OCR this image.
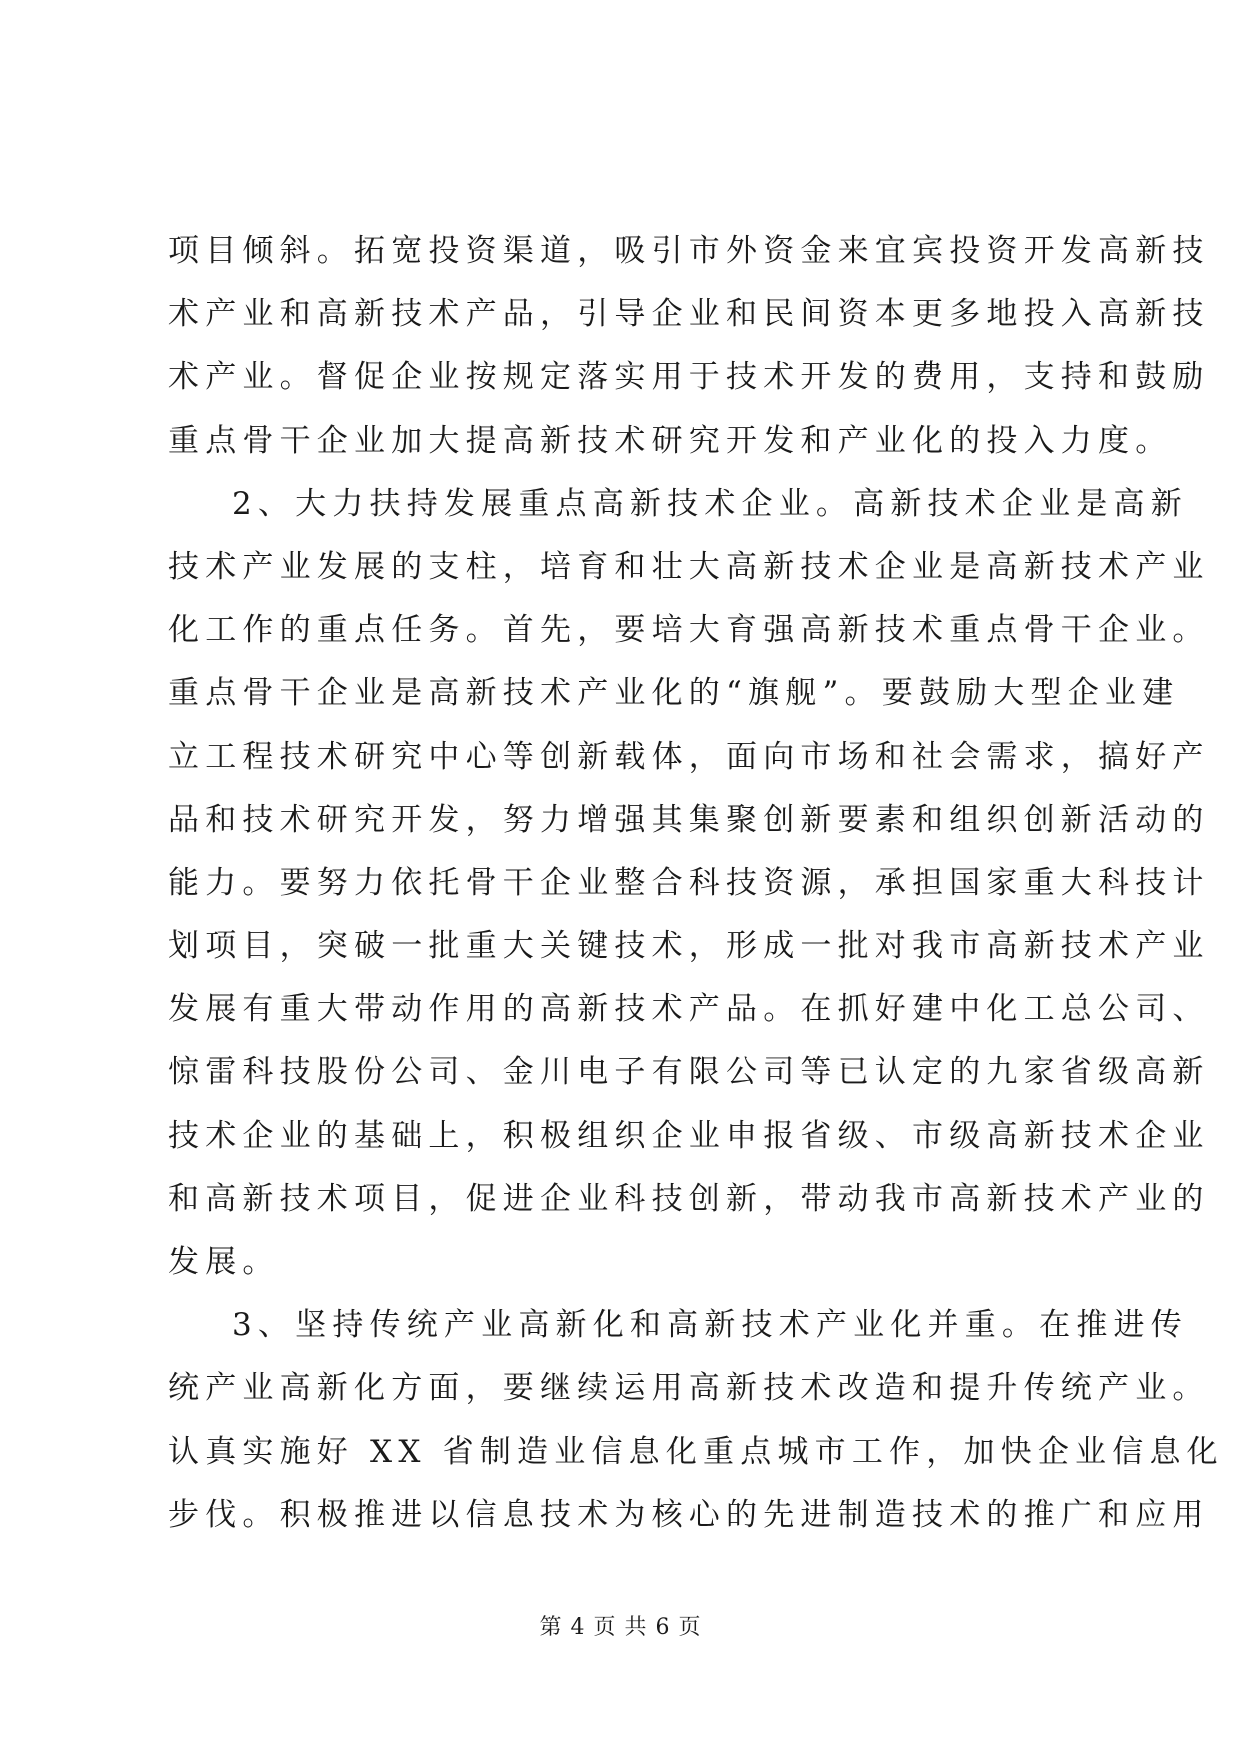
项目倾斜。拓宽投资渠道，吸引市外资金来宜宾投资开发高新技
术产业和高新技术产品，引导企业和民间资本更多地投入高新技
术产业。督促企业按规定落实用于技术开发的费用，支持和鼓励
重点骨干企业加大提高新技术研究开发和产业化的投入力度。
2、大力扶持发展重点高新技术企业。高新技术企业是高新
技术产业发展的支柱，培育和壮大高新技术企业是高新技术产业
化工作的重点任务。首先，要培大育强高新技术重点骨干企业。
重点骨干企业是高新技术产业化的“旗舰”。要鼓励大型企业建
立工程技术研究中心等创新载体，面向市场和社会需求，搞好产
品和技术研究开发，努力增强其集聚创新要素和组织创新活动的
能力。要努力依托骨干企业整合科技资源，承担国家重大科技计
划项目，突破一批重大关键技术，形成一批对我市高新技术产业
发展有重大带动作用的高新技术产品。在抓好建中化工总公司、
惊雷科技股份公司、金川电子有限公司等已认定的九家省级高新
技术企业的基础上，积极组织企业申报省级、市级高新技术企业
和高新技术项目，促进企业科技创新，带动我市高新技术产业的
发展。
3、坚持传统产业高新化和高新技术产业化并重。在推进传
统产业高新化方面，要继续运用高新技术改造和提升传统产业。
认真实施好 XX 省制造业信息化重点城市工作，加快企业信息化
步伐。积极推进以信息技术为核心的先进制造技术的推广和应用
第 4 页 共 6 页
